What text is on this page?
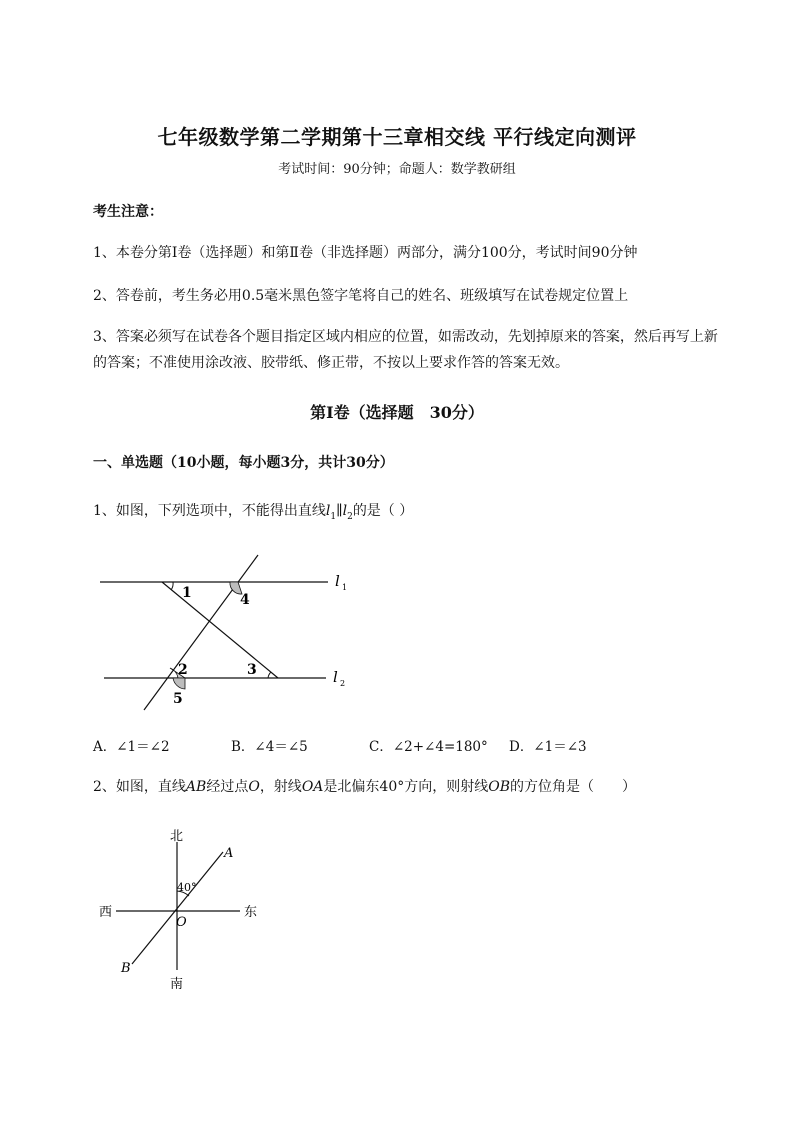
七年级数学第二学期第十三章相交线 平行线定向测评
考试时间：90分钟；命题人：数学教研组
考生注意：
1、本卷分第I卷（选择题）和第Ⅱ卷（非选择题）两部分，满分100分，考试时间90分钟
2、答卷前，考生务必用0.5毫米黑色签字笔将自己的姓名、班级填写在试卷规定位置上
3、答案必须写在试卷各个题目指定区域内相应的位置，如需改动，先划掉原来的答案，然后再写上新
的答案；不准使用涂改液、胶带纸、修正带，不按以上要求作答的答案无效。
第I卷（选择题　30分）
一、单选题（10小题，每小题3分，共计30分）
1、如图，下列选项中，不能得出直线$l_1\parallel l_2$的是（ ）
1	4
2	3
5
l 1
l 2
A．∠1＝∠2	B．∠4＝∠5	C．∠2+∠4=180° D．∠1＝∠3
2、如图，直线AB经过点O，射线OA是北偏东40°方向，则射线OB的方位角是（　　）
北
南
东
西
A
B
O
40°
